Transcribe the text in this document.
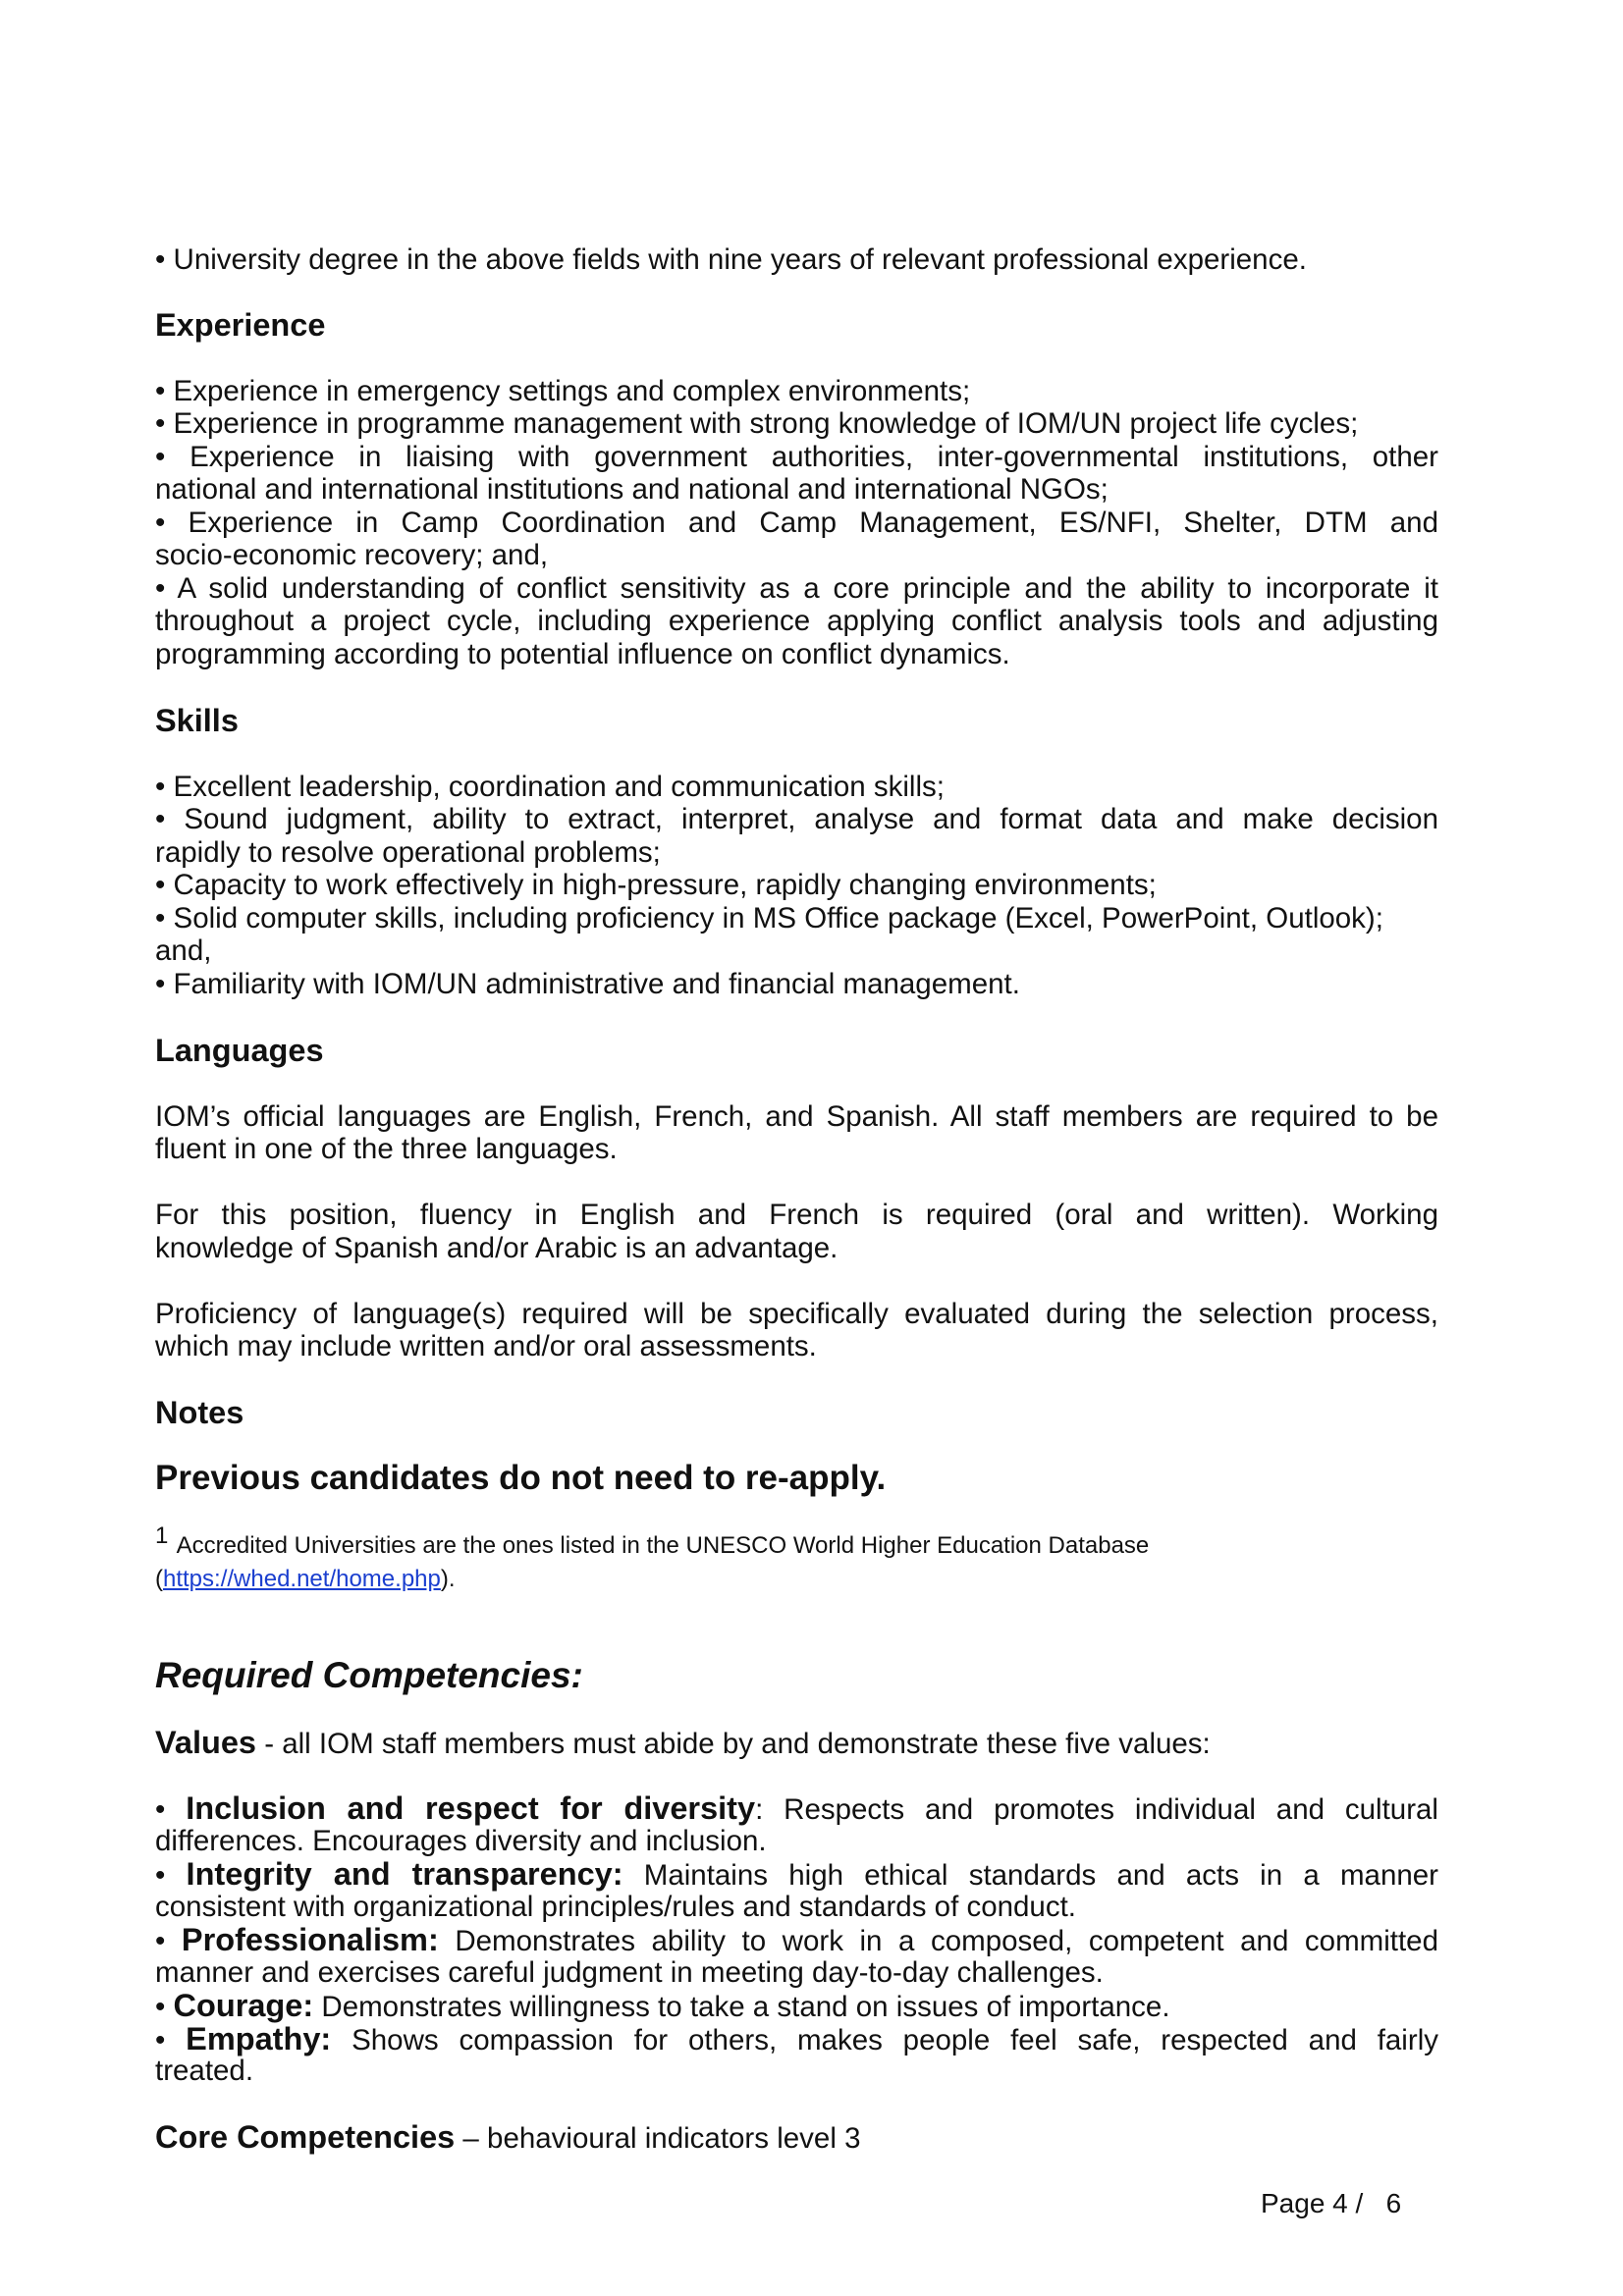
• University degree in the above fields with nine years of relevant professional experience.
Experience
• Experience in emergency settings and complex environments;
• Experience in programme management with strong knowledge of IOM/UN project life cycles;
• Experience in liaising with government authorities, inter-governmental institutions, other
national and international institutions and national and international NGOs;
• Experience in Camp Coordination and Camp Management, ES/NFI, Shelter, DTM and
socio-economic recovery; and,
• A solid understanding of conflict sensitivity as a core principle and the ability to incorporate it
throughout a project cycle, including experience applying conflict analysis tools and adjusting
programming according to potential influence on conflict dynamics.
Skills
• Excellent leadership, coordination and communication skills;
• Sound judgment, ability to extract, interpret, analyse and format data and make decision
rapidly to resolve operational problems;
• Capacity to work effectively in high-pressure, rapidly changing environments;
• Solid computer skills, including proficiency in MS Office package (Excel, PowerPoint, Outlook);
and,
• Familiarity with IOM/UN administrative and financial management.
Languages
IOM’s official languages are English, French, and Spanish. All staff members are required to be
fluent in one of the three languages.
For this position, fluency in English and French is required (oral and written). Working
knowledge of Spanish and/or Arabic is an advantage.
Proficiency of language(s) required will be specifically evaluated during the selection process,
which may include written and/or oral assessments.
Notes
Previous candidates do not need to re-apply.
$^1$ Accredited Universities are the ones listed in the UNESCO World Higher Education Database
(https://whed.net/home.php).
Required Competencies:
Values - all IOM staff members must abide by and demonstrate these five values:
• Inclusion and respect for diversity: Respects and promotes individual and cultural
differences. Encourages diversity and inclusion.
• Integrity and transparency: Maintains high ethical standards and acts in a manner
consistent with organizational principles/rules and standards of conduct.
• Professionalism: Demonstrates ability to work in a composed, competent and committed
manner and exercises careful judgment in meeting day-to-day challenges.
• Courage: Demonstrates willingness to take a stand on issues of importance.
• Empathy: Shows compassion for others, makes people feel safe, respected and fairly
treated.
Core Competencies – behavioural indicators level 3
Page 4 /   6
